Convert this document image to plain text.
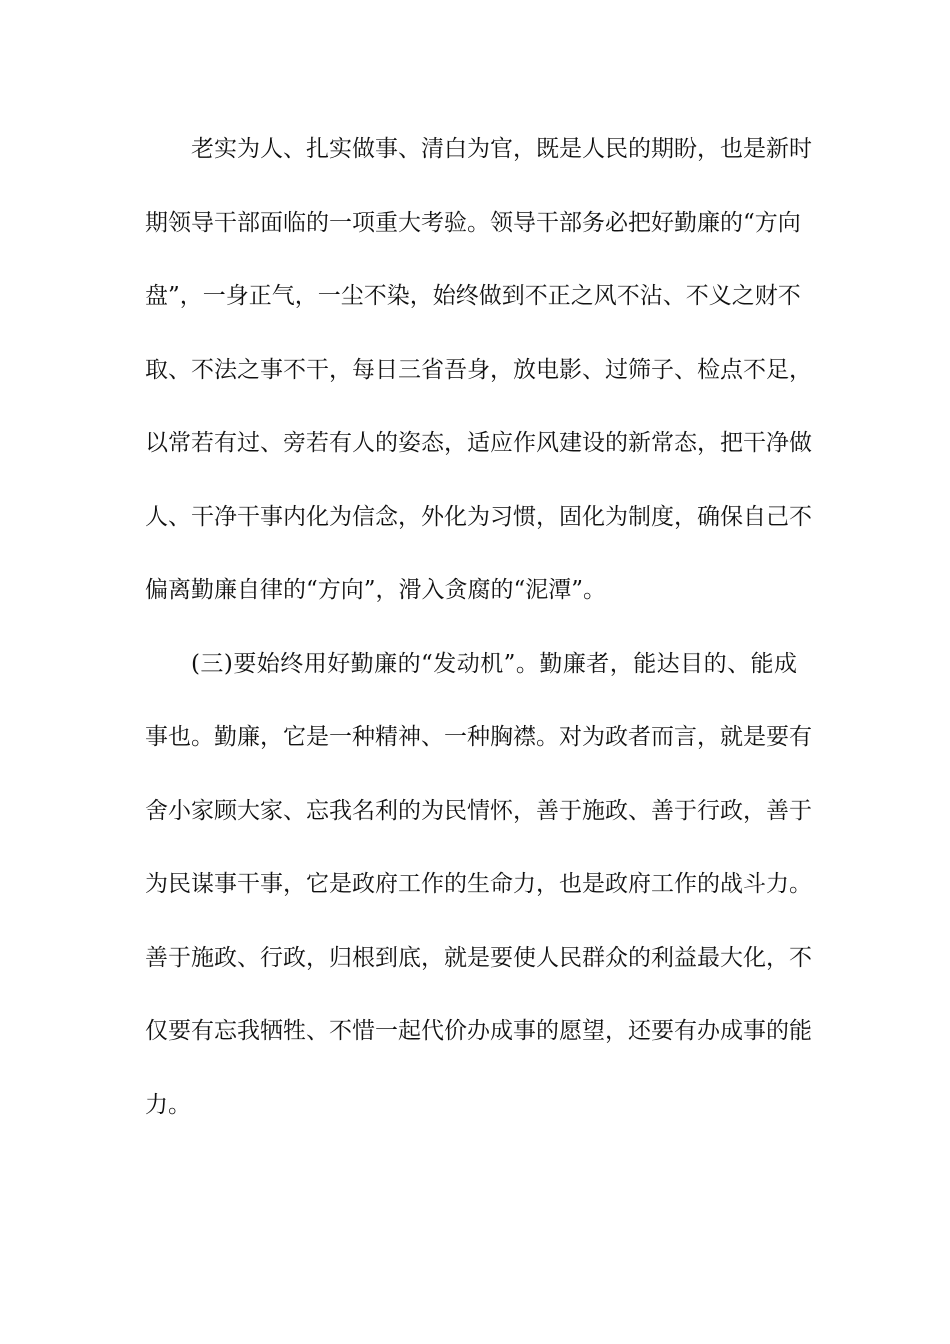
老实为人、扎实做事、清白为官，既是人民的期盼，也是新时
期领导干部面临的一项重大考验。领导干部务必把好勤廉的“方向
盘”，一身正气，一尘不染，始终做到不正之风不沾、不义之财不
取、不法之事不干，每日三省吾身，放电影、过筛子、检点不足，
以常若有过、旁若有人的姿态，适应作风建设的新常态，把干净做
人、干净干事内化为信念，外化为习惯，固化为制度，确保自己不
偏离勤廉自律的“方向”，滑入贪腐的“泥潭”。
(三)要始终用好勤廉的“发动机”。勤廉者，能达目的、能成
事也。勤廉，它是一种精神、一种胸襟。对为政者而言，就是要有
舍小家顾大家、忘我名利的为民情怀，善于施政、善于行政，善于
为民谋事干事，它是政府工作的生命力，也是政府工作的战斗力。
善于施政、行政，归根到底，就是要使人民群众的利益最大化，不
仅要有忘我牺牲、不惜一起代价办成事的愿望，还要有办成事的能
力。
